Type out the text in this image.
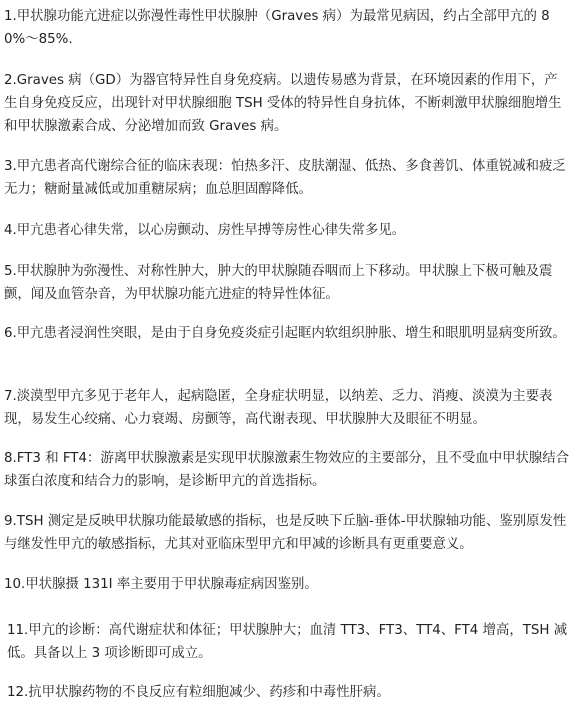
1.甲状腺功能亢进症以弥漫性毒性甲状腺肿（Graves 病）为最常见病因，约占全部甲亢的 80%～85%.

2.Graves 病（GD）为器官特异性自身免疫病。以遗传易感为背景，在环境因素的作用下，产生自身免疫反应，出现针对甲状腺细胞 TSH 受体的特异性自身抗体，不断刺激甲状腺细胞增生和甲状腺激素合成、分泌增加而致 Graves 病。

3.甲亢患者高代谢综合征的临床表现：怕热多汗、皮肤潮湿、低热、多食善饥、体重锐减和疲乏无力；糖耐量减低或加重糖尿病；血总胆固醇降低。

4.甲亢患者心律失常，以心房颤动、房性早搏等房性心律失常多见。

5.甲状腺肿为弥漫性、对称性肿大，肿大的甲状腺随吞咽而上下移动。甲状腺上下极可触及震颤，闻及血管杂音，为甲状腺功能亢进症的特异性体征。

6.甲亢患者浸润性突眼，是由于自身免疫炎症引起眶内软组织肿胀、增生和眼肌明显病变所致。

7.淡漠型甲亢多见于老年人，起病隐匿，全身症状明显，以纳差、乏力、消瘦、淡漠为主要表现，易发生心绞痛、心力衰竭、房颤等，高代谢表现、甲状腺肿大及眼征不明显。

8.FT3 和 FT4：游离甲状腺激素是实现甲状腺激素生物效应的主要部分，且不受血中甲状腺结合球蛋白浓度和结合力的影响，是诊断甲亢的首选指标。

9.TSH 测定是反映甲状腺功能最敏感的指标，也是反映下丘脑-垂体-甲状腺轴功能、鉴别原发性与继发性甲亢的敏感指标，尤其对亚临床型甲亢和甲减的诊断具有更重要意义。

10.甲状腺摄 131I 率主要用于甲状腺毒症病因鉴别。

11.甲亢的诊断：高代谢症状和体征；甲状腺肿大；血清 TT3、FT3、TT4、FT4 增高，TSH 减低。具备以上 3 项诊断即可成立。

12.抗甲状腺药物的不良反应有粒细胞减少、药疹和中毒性肝病。
